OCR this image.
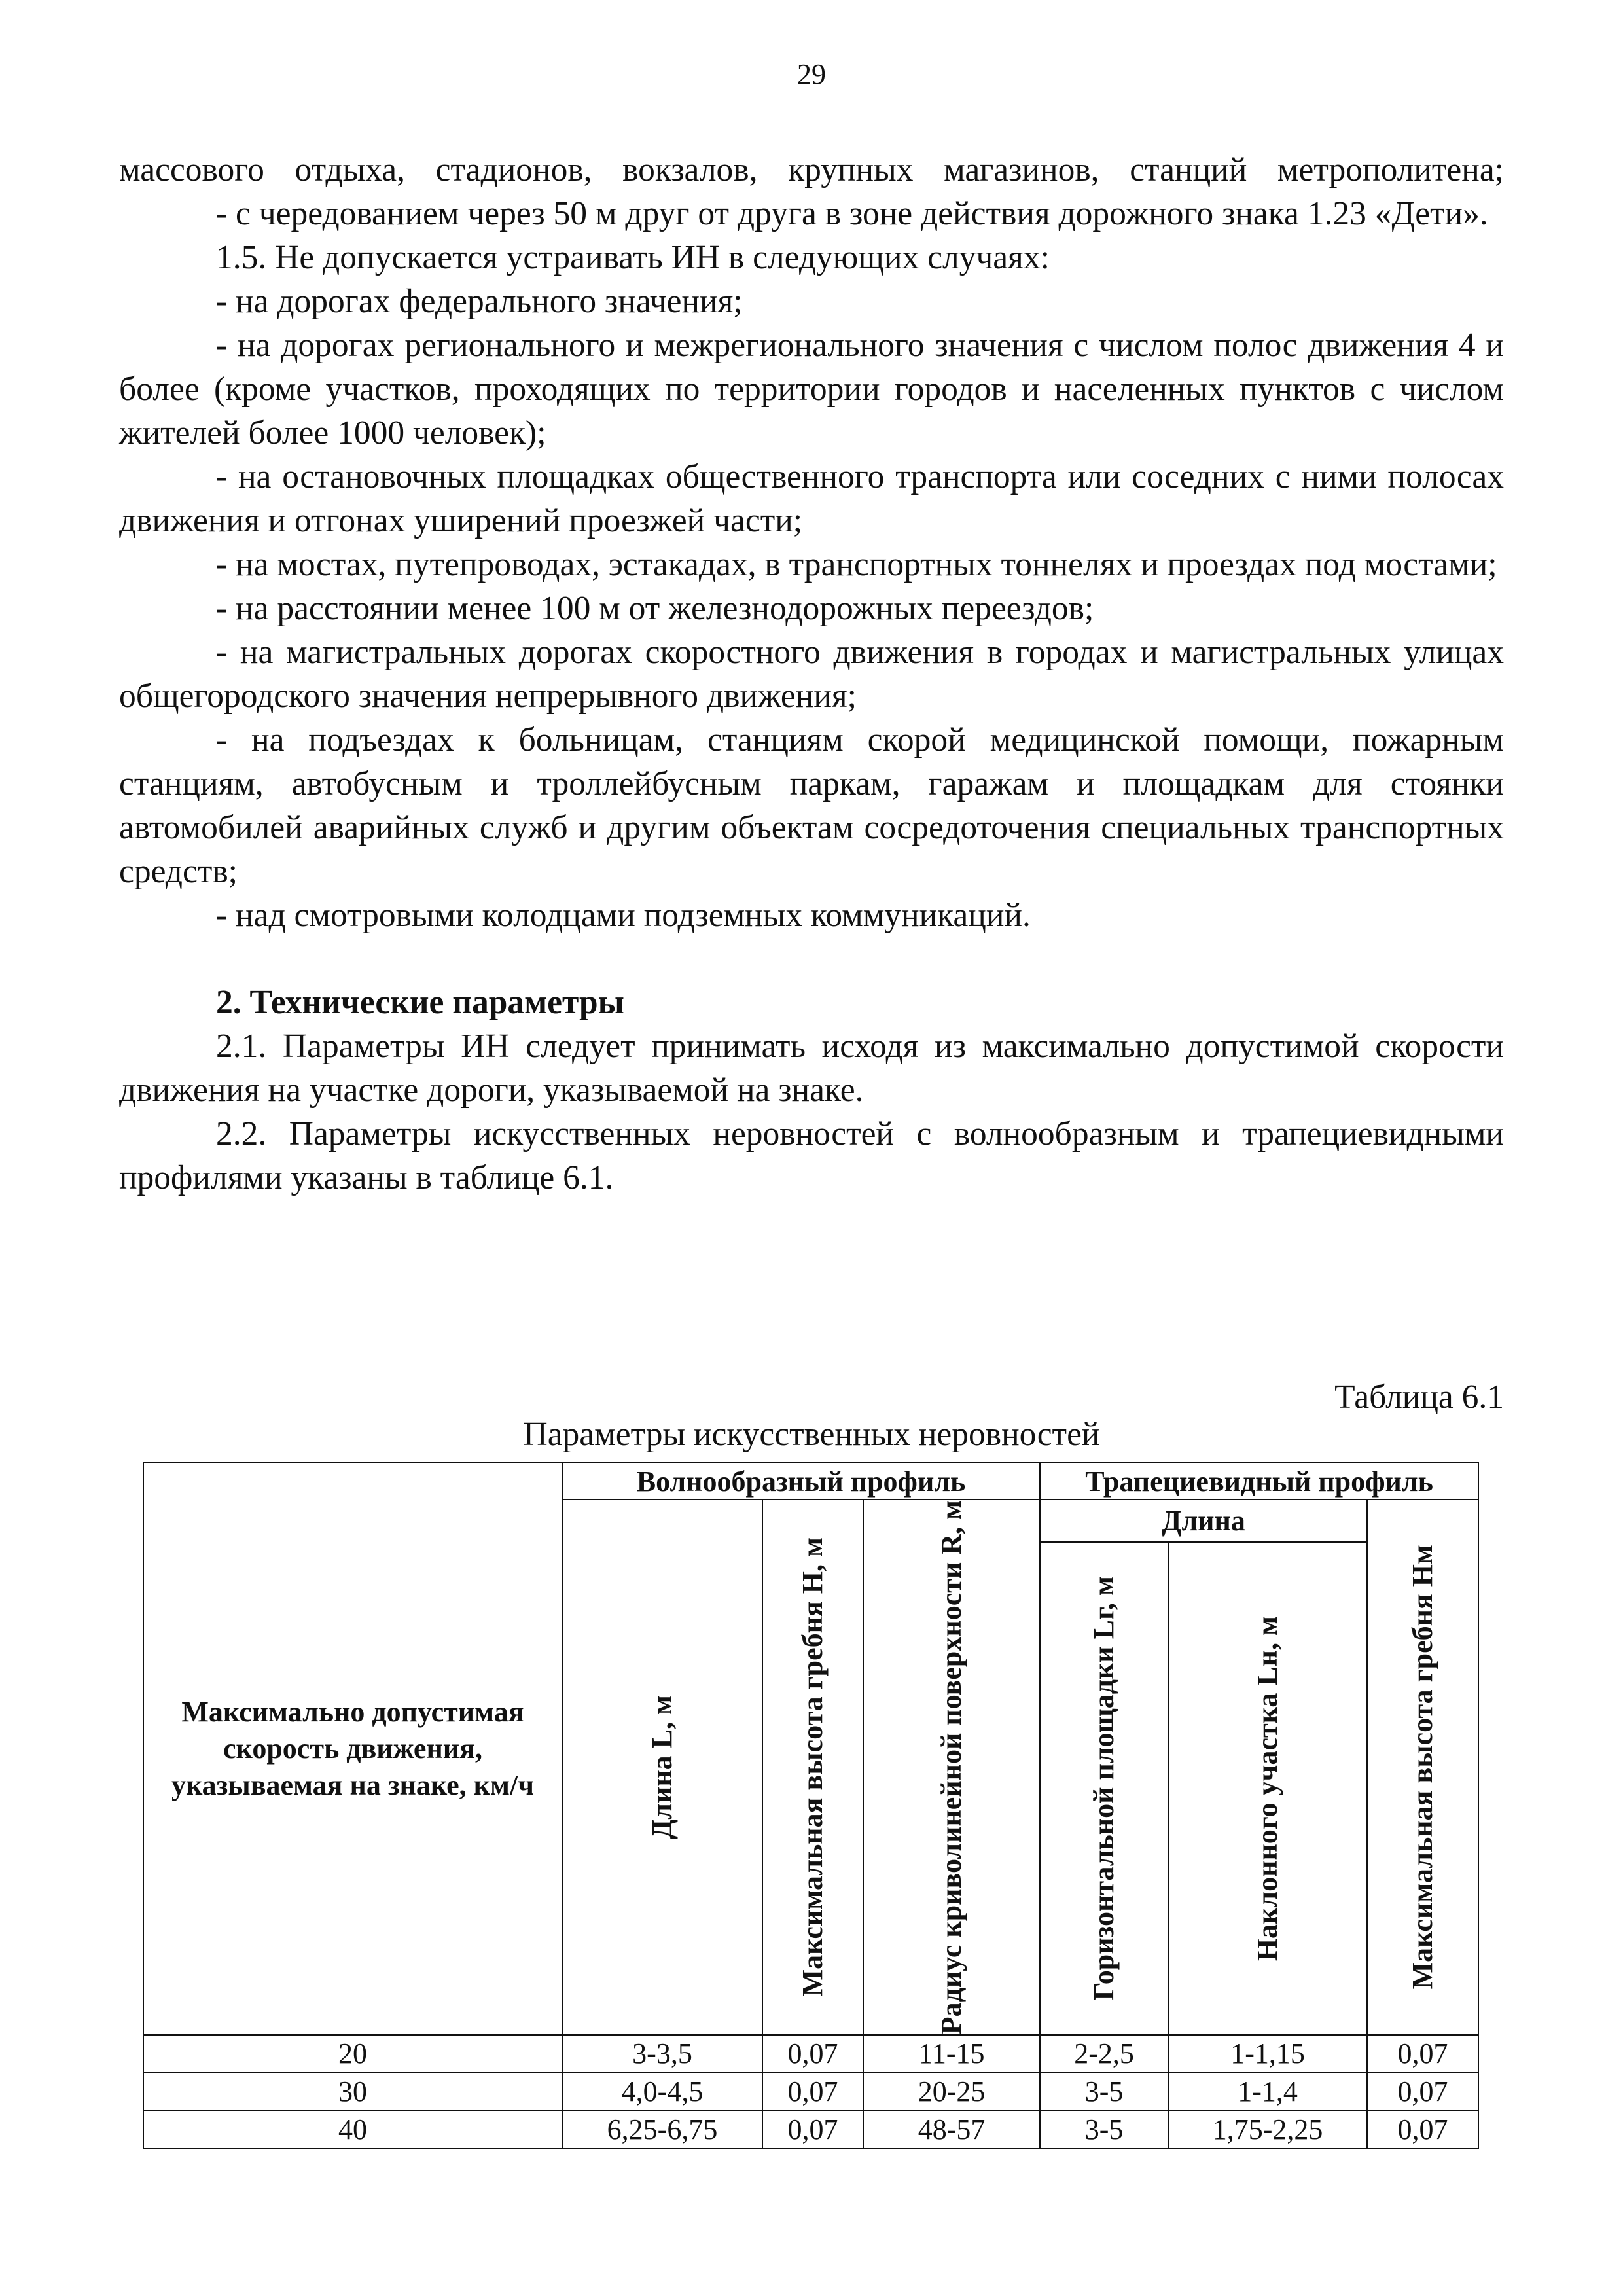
29

массового отдыха, стадионов, вокзалов, крупных магазинов, станций метрополитена;

- с чередованием через 50 м друг от друга в зоне действия дорожного знака 1.23 «Дети».

1.5. Не допускается устраивать ИН в следующих случаях:

- на дорогах федерального значения;

- на дорогах регионального и межрегионального значения с числом полос движения 4 и более (кроме участков, проходящих по территории городов и населенных пунктов с числом жителей более 1000 человек);

- на остановочных площадках общественного транспорта или соседних с ними полосах движения и отгонах уширений проезжей части;

- на мостах, путепроводах, эстакадах, в транспортных тоннелях и проездах под мостами;

- на расстоянии менее 100 м от железнодорожных переездов;

- на магистральных дорогах скоростного движения в городах и магистральных улицах общегородского значения непрерывного движения;

- на подъездах к больницам, станциям скорой медицинской помощи, пожарным станциям, автобусным и троллейбусным паркам, гаражам и площадкам для стоянки автомобилей аварийных служб и другим объектам сосредоточения специальных транспортных средств;

- над смотровыми колодцами подземных коммуникаций.

2. Технические параметры

2.1. Параметры ИН следует принимать исходя из максимально допустимой скорости движения на участке дороги, указываемой на знаке.

2.2. Параметры искусственных неровностей с волнообразным и трапециевидными профилями указаны в таблице 6.1.

Таблица 6.1
Параметры искусственных неровностей
Максимально допустимая скорость движения, указываемая на знаке, км/ч	Волнообразный профиль			Трапециевидный профиль		

	Длина L, м	Максимальная высота гребня H, м	Радиус криволинейной поверхности R, м	Длина		Максимальная высота гребня Hм

				Горизонтальной площадки Lг, м	Наклонного участка Lн, м	

20	3-3,5	0,07	11-15	2-2,5	1-1,15	0,07
30	4,0-4,5	0,07	20-25	3-5	1-1,4	0,07
40	6,25-6,75	0,07	48-57	3-5	1,75-2,25	0,07
